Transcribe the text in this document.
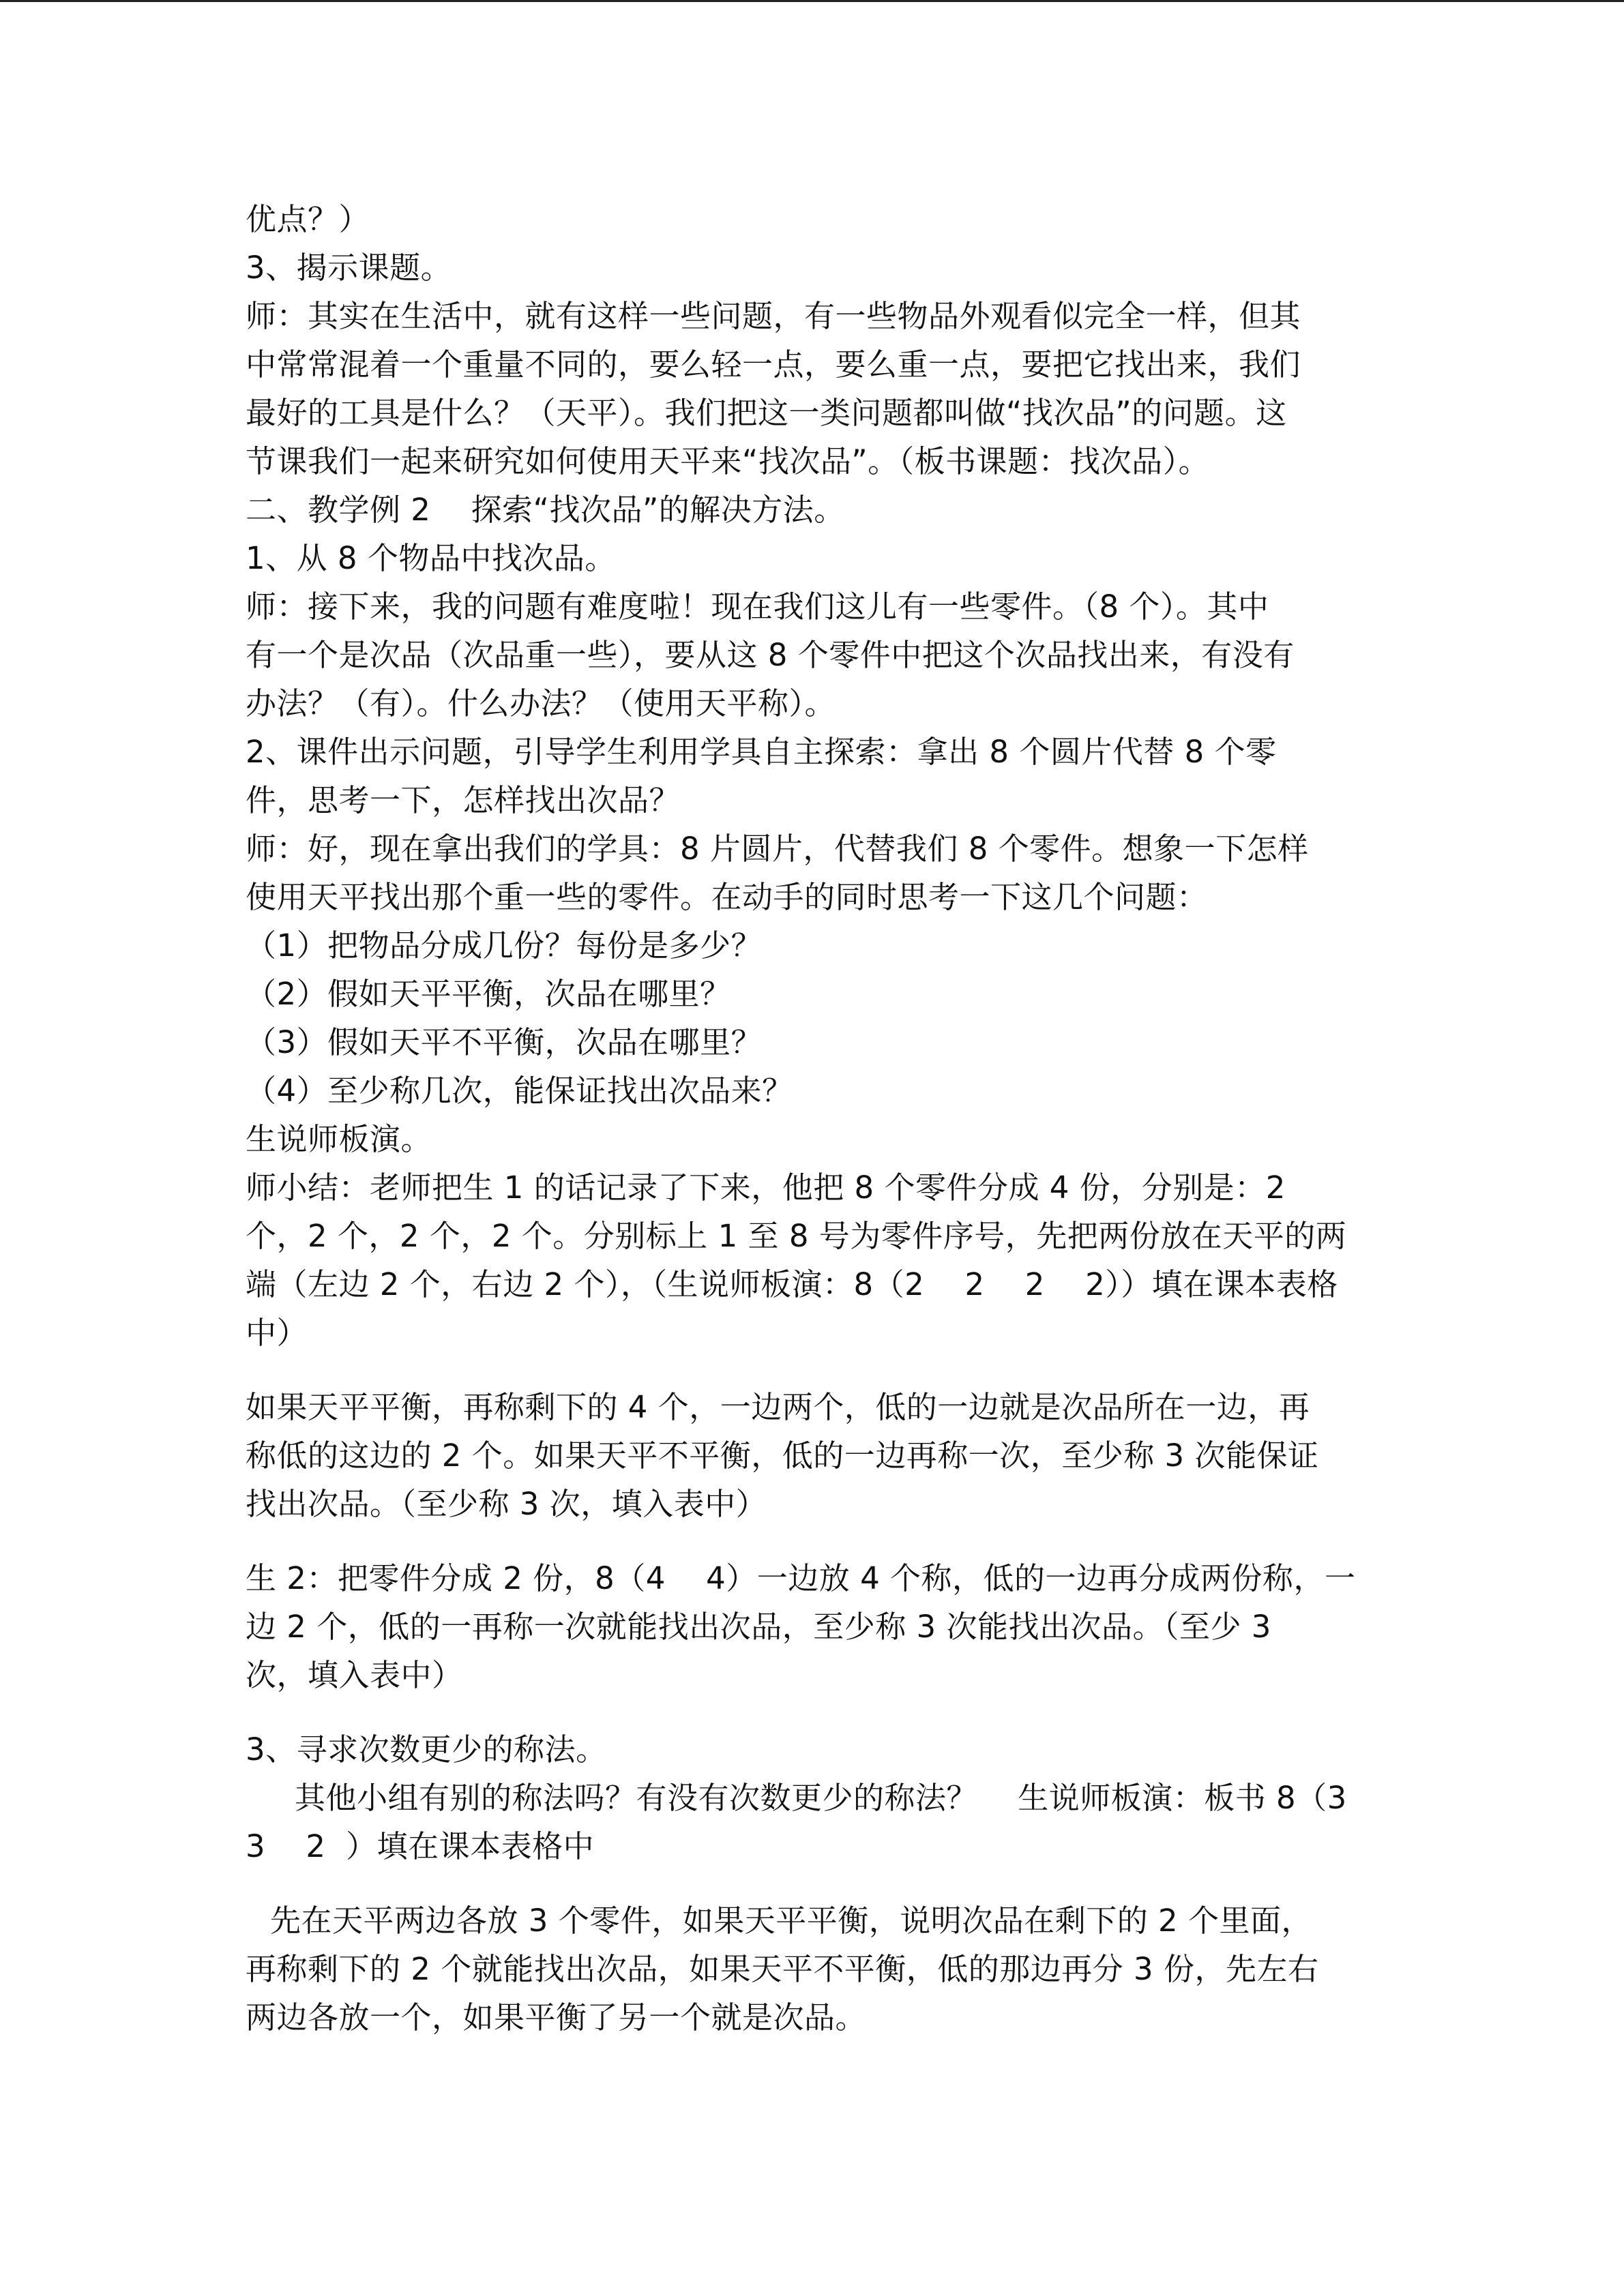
优点？）
3、揭示课题。
师：其实在生活中，就有这样一些问题，有一些物品外观看似完全一样，但其
中常常混着一个重量不同的，要么轻一点，要么重一点，要把它找出来，我们
最好的工具是什么？（天平）。我们把这一类问题都叫做“找次品”的问题。这
节课我们一起来研究如何使用天平来“找次品”。（板书课题：找次品）。
二、教学例 2    探索“找次品”的解决方法。
1、从 8 个物品中找次品。
师：接下来，我的问题有难度啦！现在我们这儿有一些零件。（8 个）。其中
有一个是次品（次品重一些），要从这 8 个零件中把这个次品找出来，有没有
办法？（有）。什么办法？（使用天平称）。
2、课件出示问题，引导学生利用学具自主探索：拿出 8 个圆片代替 8 个零
件，思考一下，怎样找出次品？
师：好，现在拿出我们的学具：8 片圆片，代替我们 8 个零件。想象一下怎样
使用天平找出那个重一些的零件。在动手的同时思考一下这几个问题：
（1）把物品分成几份？每份是多少？
（2）假如天平平衡，次品在哪里？
（3）假如天平不平衡，次品在哪里？
（4）至少称几次，能保证找出次品来？
生说师板演。
师小结：老师把生 1 的话记录了下来，他把 8 个零件分成 4 份，分别是：2
个，2 个，2 个，2 个。分别标上 1 至 8 号为零件序号，先把两份放在天平的两
端（左边 2 个，右边 2 个），（生说师板演：8（2    2    2    2））填在课本表格
中）
如果天平平衡，再称剩下的 4 个，一边两个，低的一边就是次品所在一边，再
称低的这边的 2 个。如果天平不平衡，低的一边再称一次，至少称 3 次能保证
找出次品。（至少称 3 次，填入表中）
生 2：把零件分成 2 份，8（4    4）一边放 4 个称，低的一边再分成两份称，一
边 2 个，低的一再称一次就能找出次品，至少称 3 次能找出次品。（至少 3
次，填入表中）
3、寻求次数更少的称法。
其他小组有别的称法吗？有没有次数更少的称法？    生说师板演：板书 8（3
3    2  ）填在课本表格中
先在天平两边各放 3 个零件，如果天平平衡，说明次品在剩下的 2 个里面，
再称剩下的 2 个就能找出次品，如果天平不平衡，低的那边再分 3 份，先左右
两边各放一个，如果平衡了另一个就是次品。
